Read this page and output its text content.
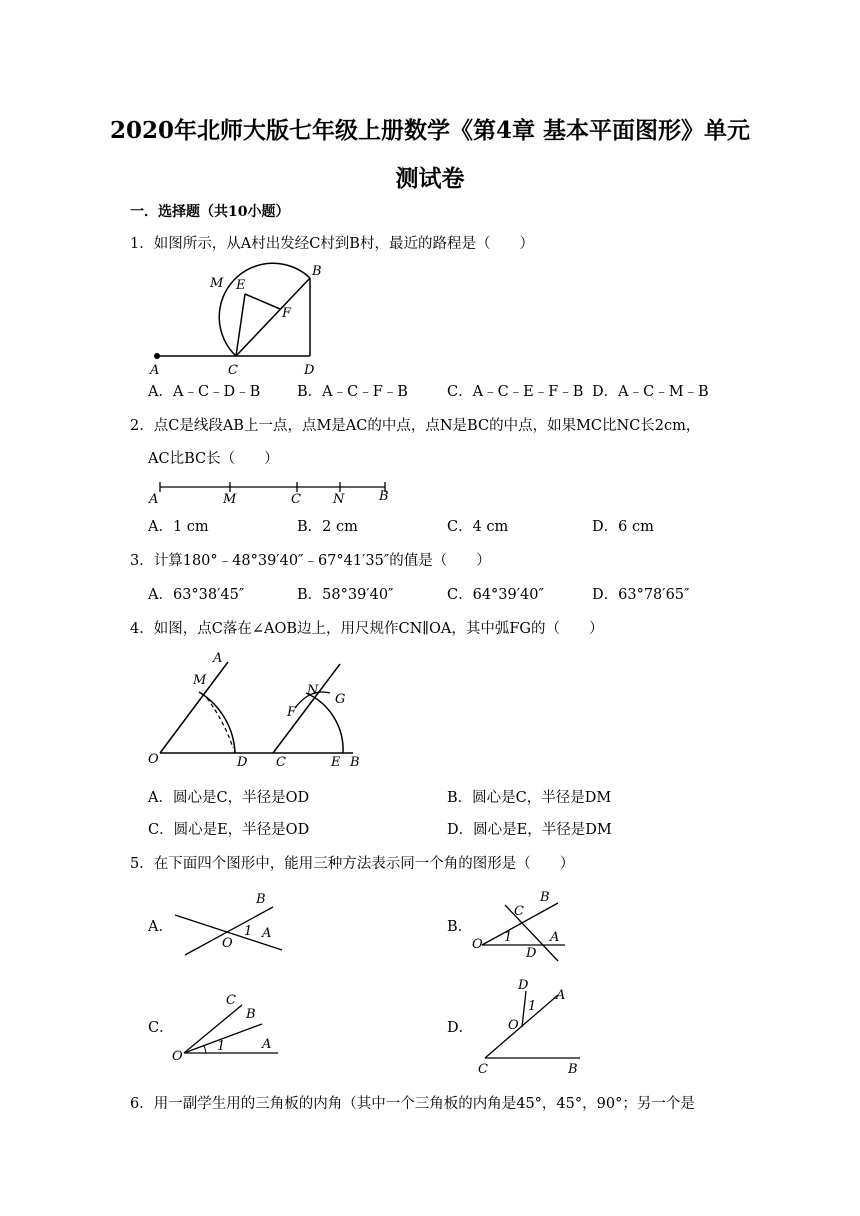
2020年北师大版七年级上册数学《第4章 基本平面图形》单元
测试卷
一．选择题（共10小题）
1．如图所示，从A村出发经C村到B村，最近的路程是（　　）
A	C	D
B
M E
F
A．A﹣C﹣D﹣B	B．A﹣C﹣F﹣B	C．A﹣C﹣E﹣F﹣B D．A﹣C﹣M﹣B
2．点C是线段AB上一点，点M是AC的中点，点N是BC的中点，如果MC比NC长2cm，
AC比BC长（　　）
A	M	C N	B
A．1 cm	B．2 cm	C．4 cm	D．6 cm
3．计算180°﹣48°39′40″﹣67°41′35″的值是（　　）
A．63°38′45″	B．58°39′40″	C．64°39′40″	D．63°78′65″
4．如图，点C落在∠AOB边上，用尺规作CN∥OA，其中弧FG的（　　）
A
M
O	D
N
G
F
C	E B
A．圆心是C，半径是OD	B．圆心是C，半径是DM
C．圆心是E，半径是OD	D．圆心是E，半径是DM
5．在下面四个图形中，能用三种方法表示同一个角的图形是（　　）
A．
B
1
O
A	B．
C
B
O 1	A
D
C．
C
B
O
1	A
D．
D
1
A
O
C	B
6．用一副学生用的三角板的内角（其中一个三角板的内角是45°，45°，90°；另一个是
